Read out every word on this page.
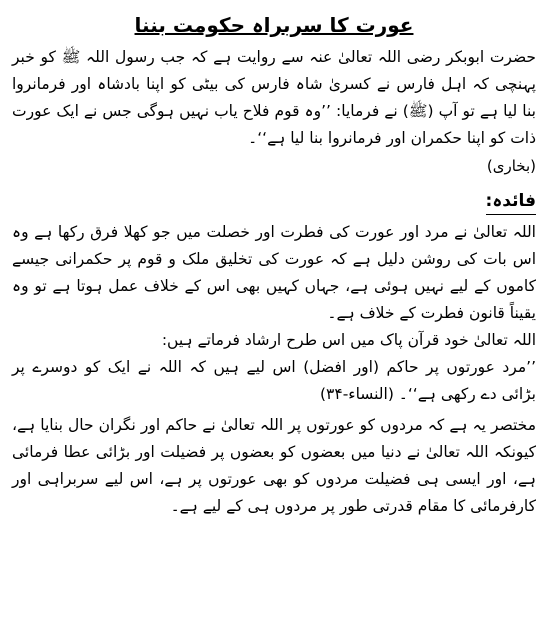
عورت کا سربراہ حکومت بننا

حضرت ابوبکر رضی اللہ تعالیٰ عنہ سے روایت ہے کہ جب رسول اللہ ﷺ کو خبر پہنچی کہ اہل فارس نے کسریٰ شاہ فارس کی بیٹی کو اپنا بادشاہ اور فرمانروا بنا لیا ہے تو آپ (ﷺ) نے فرمایا: ’’وہ قوم فلاح یاب نہیں ہوگی جس نے ایک عورت ذات کو اپنا حکمران اور فرمانروا بنا لیا ہے‘‘۔

(بخاری)

فائدہ:

اللہ تعالیٰ نے مرد اور عورت کی فطرت اور خصلت میں جو کھلا فرق رکھا ہے وہ اس بات کی روشن دلیل ہے کہ عورت کی تخلیق ملک و قوم پر حکمرانی جیسے کاموں کے لیے نہیں ہوئی ہے، جہاں کہیں بھی اس کے خلاف عمل ہوتا ہے تو وہ یقیناً قانون فطرت کے خلاف ہے۔

اللہ تعالیٰ خود قرآن پاک میں اس طرح ارشاد فرماتے ہیں:

’’مرد عورتوں پر حاکم (اور افضل) اس لیے ہیں کہ اللہ نے ایک کو دوسرے پر بڑائی دے رکھی ہے‘‘۔ (النساء-۳۴)

مختصر یہ ہے کہ مردوں کو عورتوں پر اللہ تعالیٰ نے حاکم اور نگران حال بنایا ہے، کیونکہ اللہ تعالیٰ نے دنیا میں بعضوں کو بعضوں پر فضیلت اور بڑائی عطا فرمائی ہے، اور ایسی ہی فضیلت مردوں کو بھی عورتوں پر ہے، اس لیے سربراہی اور کارفرمائی کا مقام قدرتی طور پر مردوں ہی کے لیے ہے۔
